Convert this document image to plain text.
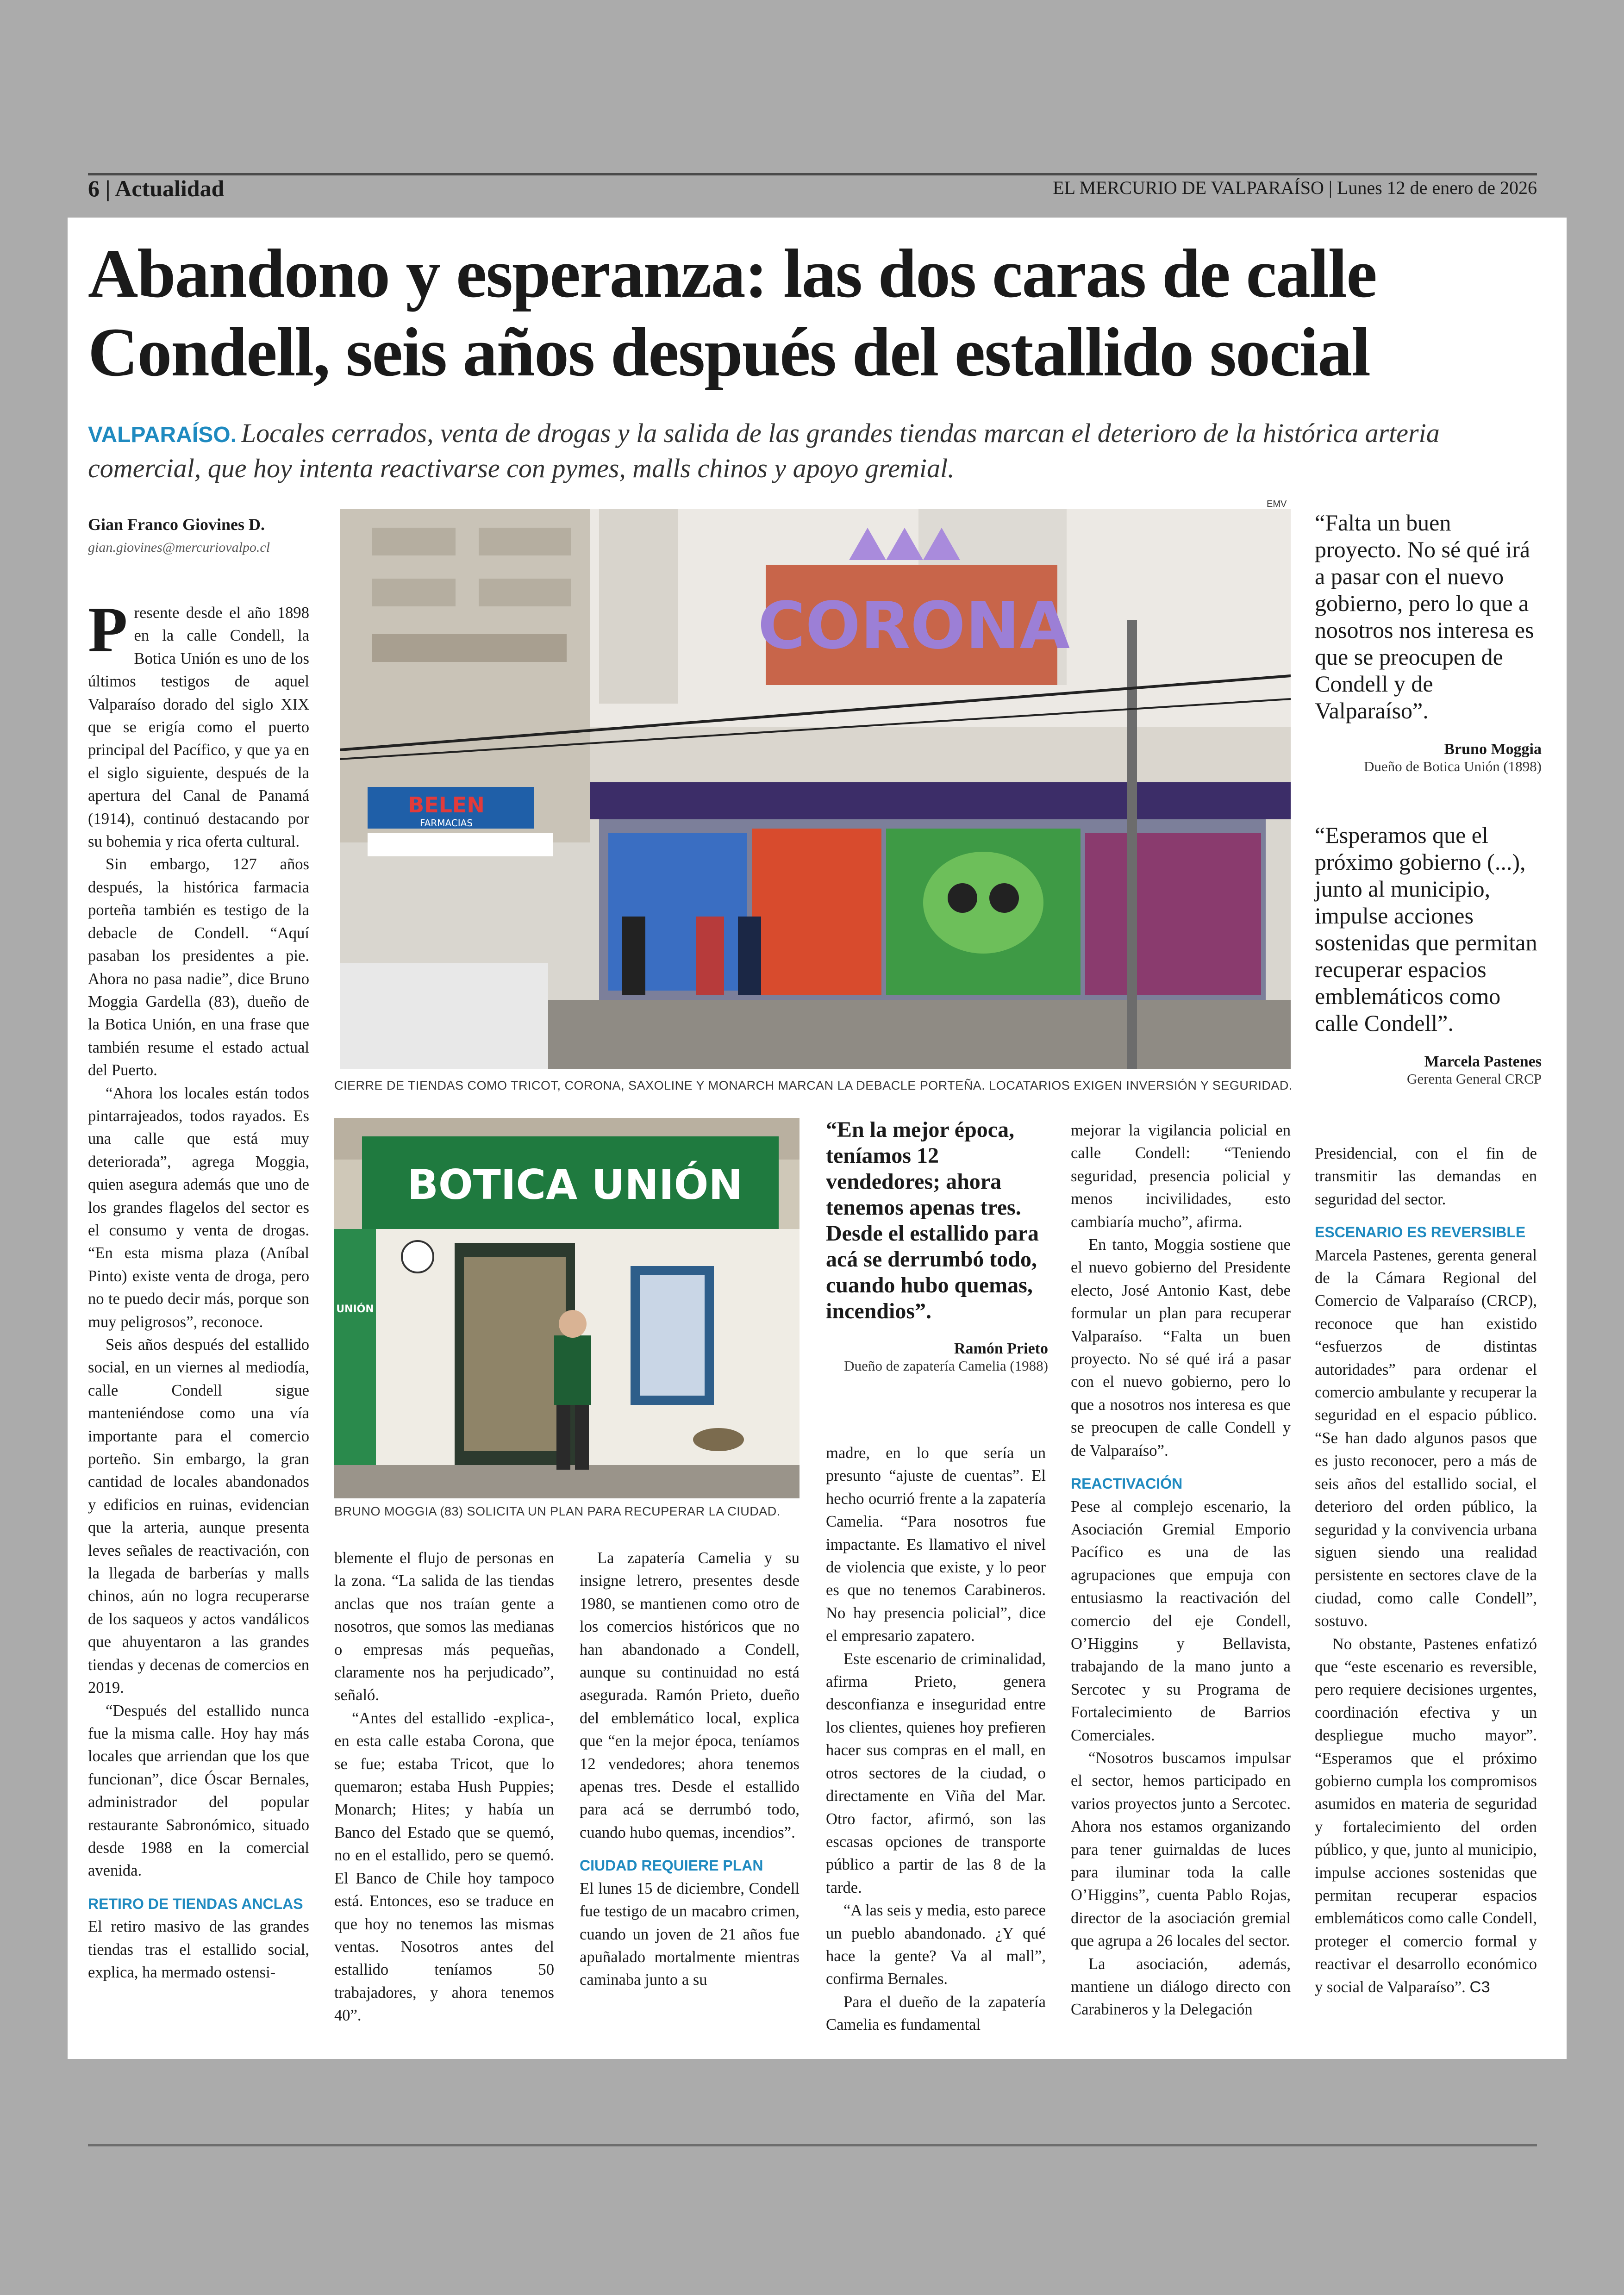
6 | Actualidad	EL MERCURIO DE VALPARAÍSO | Lunes 12 de enero de 2026
Abandono y esperanza: las dos caras de calle
Condell, seis años después del estallido social
VALPARAÍSO. Locales cerrados, venta de drogas y la salida de las grandes tiendas marcan el deterioro de la histórica arteria comercial, que hoy intenta reactivarse con pymes, malls chinos y apoyo gremial.
Gian Franco Giovines D.
gian.giovines@mercuriovalpo.cl
CORONA
BELEN
FARMACIAS
EMV
CIERRE DE TIENDAS COMO TRICOT, CORONA, SAXOLINE Y MONARCH MARCAN LA DEBACLE PORTEÑA. LOCATARIOS EXIGEN INVERSIÓN Y SEGURIDAD.
“Falta un buen proyecto. No sé qué irá a pasar con el nuevo gobierno, pero lo que a nosotros nos interesa es que se preocupen de Condell y de Valparaíso”.
Bruno Moggia
Dueño de Botica Unión (1898)
“Esperamos que el próximo gobierno (...), junto al municipio, impulse acciones sostenidas que permitan recuperar espacios emblemáticos como calle Condell”.
Marcela Pastenes
Gerenta General CRCP
BOTICA UNIÓN
UNIÓN
BRUNO MOGGIA (83) SOLICITA UN PLAN PARA RECUPERAR LA CIUDAD.
“En la mejor época, teníamos 12 vendedores; ahora tenemos apenas tres. Desde el estallido para acá se derrumbó todo, cuando hubo quemas, incendios”.
Ramón Prieto
Dueño de zapatería Camelia (1988)

Presente desde el año 1898 en la calle Condell, la Botica Unión es uno de los últimos testigos de aquel Valparaíso dorado del siglo XIX que se erigía como el puerto principal del Pacífico, y que ya en el siglo siguiente, después de la apertura del Canal de Panamá (1914), continuó destacando por su bohemia y rica oferta cultural.

Sin embargo, 127 años después, la histórica farmacia porteña también es testigo de la debacle de Condell. “Aquí pasaban los presidentes a pie. Ahora no pasa nadie”, dice Bruno Moggia Gardella (83), dueño de la Botica Unión, en una frase que también resume el estado actual del Puerto.

“Ahora los locales están todos pintarrajeados, todos rayados. Es una calle que está muy deteriorada”, agrega Moggia, quien asegura además que uno de los grandes flagelos del sector es el consumo y venta de drogas. “En esta misma plaza (Aníbal Pinto) existe venta de droga, pero no te puedo decir más, porque son muy peligrosos”, reconoce.

Seis años después del estallido social, en un viernes al mediodía, calle Condell sigue manteniéndose como una vía importante para el comercio porteño. Sin embargo, la gran cantidad de locales abandonados y edificios en ruinas, evidencian que la arteria, aunque presenta leves señales de reactivación, con la llegada de barberías y malls chinos, aún no logra recuperarse de los saqueos y actos vandálicos que ahuyentaron a las grandes tiendas y decenas de comercios en 2019.

“Después del estallido nunca fue la misma calle. Hoy hay más locales que arriendan que los que funcionan”, dice Óscar Bernales, administrador del popular restaurante Sabronómico, situado desde 1988 en la comercial avenida.

RETIRO DE TIENDAS ANCLAS

El retiro masivo de las grandes tiendas tras el estallido social, explica, ha mermado ostensi-

blemente el flujo de personas en la zona. “La salida de las tiendas anclas que nos traían gente a nosotros, que somos las medianas o empresas más pequeñas, claramente nos ha perjudicado”, señaló.

“Antes del estallido -explica-, en esta calle estaba Corona, que se fue; estaba Tricot, que lo quemaron; estaba Hush Puppies; Monarch; Hites; y había un Banco del Estado que se quemó, no en el estallido, pero se quemó. El Banco de Chile hoy tampoco está. Entonces, eso se traduce en que hoy no tenemos las mismas ventas. Nosotros antes del estallido teníamos 50 trabajadores, y ahora tenemos 40”.

La zapatería Camelia y su insigne letrero, presentes desde 1980, se mantienen como otro de los comercios históricos que no han abandonado a Condell, aunque su continuidad no está asegurada. Ramón Prieto, dueño del emblemático local, explica que “en la mejor época, teníamos 12 vendedores; ahora tenemos apenas tres. Desde el estallido para acá se derrumbó todo, cuando hubo quemas, incendios”.

CIUDAD REQUIERE PLAN

El lunes 15 de diciembre, Condell fue testigo de un macabro crimen, cuando un joven de 21 años fue apuñalado mortalmente mientras caminaba junto a su

madre, en lo que sería un presunto “ajuste de cuentas”. El hecho ocurrió frente a la zapatería Camelia. “Para nosotros fue impactante. Es llamativo el nivel de violencia que existe, y lo peor es que no tenemos Carabineros. No hay presencia policial”, dice el empresario zapatero.

Este escenario de criminalidad, afirma Prieto, genera desconfianza e inseguridad entre los clientes, quienes hoy prefieren hacer sus compras en el mall, en otros sectores de la ciudad, o directamente en Viña del Mar. Otro factor, afirmó, son las escasas opciones de transporte público a partir de las 8 de la tarde.

“A las seis y media, esto parece un pueblo abandonado. ¿Y qué hace la gente? Va al mall”, confirma Bernales.

Para el dueño de la zapatería Camelia es fundamental

mejorar la vigilancia policial en calle Condell: “Teniendo seguridad, presencia policial y menos incivilidades, esto cambiaría mucho”, afirma.

En tanto, Moggia sostiene que el nuevo gobierno del Presidente electo, José Antonio Kast, debe formular un plan para recuperar Valparaíso. “Falta un buen proyecto. No sé qué irá a pasar con el nuevo gobierno, pero lo que a nosotros nos interesa es que se preocupen de calle Condell y de Valparaíso”.

REACTIVACIÓN

Pese al complejo escenario, la Asociación Gremial Emporio Pacífico es una de las agrupaciones que empuja con entusiasmo la reactivación del comercio del eje Condell, O’Higgins y Bellavista, trabajando de la mano junto a Sercotec y su Programa de Fortalecimiento de Barrios Comerciales.

“Nosotros buscamos impulsar el sector, hemos participado en varios proyectos junto a Sercotec. Ahora nos estamos organizando para tener guirnaldas de luces para iluminar toda la calle O’Higgins”, cuenta Pablo Rojas, director de la asociación gremial que agrupa a 26 locales del sector.

La asociación, además, mantiene un diálogo directo con Carabineros y la Delegación

Presidencial, con el fin de transmitir las demandas en seguridad del sector.

ESCENARIO ES REVERSIBLE

Marcela Pastenes, gerenta general de la Cámara Regional del Comercio de Valparaíso (CRCP), reconoce que han existido “esfuerzos de distintas autoridades” para ordenar el comercio ambulante y recuperar la seguridad en el espacio público. “Se han dado algunos pasos que es justo reconocer, pero a más de seis años del estallido social, el deterioro del orden público, la seguridad y la convivencia urbana siguen siendo una realidad persistente en sectores clave de la ciudad, como calle Condell”, sostuvo.

No obstante, Pastenes enfatizó que “este escenario es reversible, pero requiere decisiones urgentes, coordinación efectiva y un despliegue mucho mayor”. “Esperamos que el próximo gobierno cumpla los compromisos asumidos en materia de seguridad y fortalecimiento del orden público, y que, junto al municipio, impulse acciones sostenidas que permitan recuperar espacios emblemáticos como calle Condell, proteger el comercio formal y reactivar el desarrollo económico y social de Valparaíso”. C3
